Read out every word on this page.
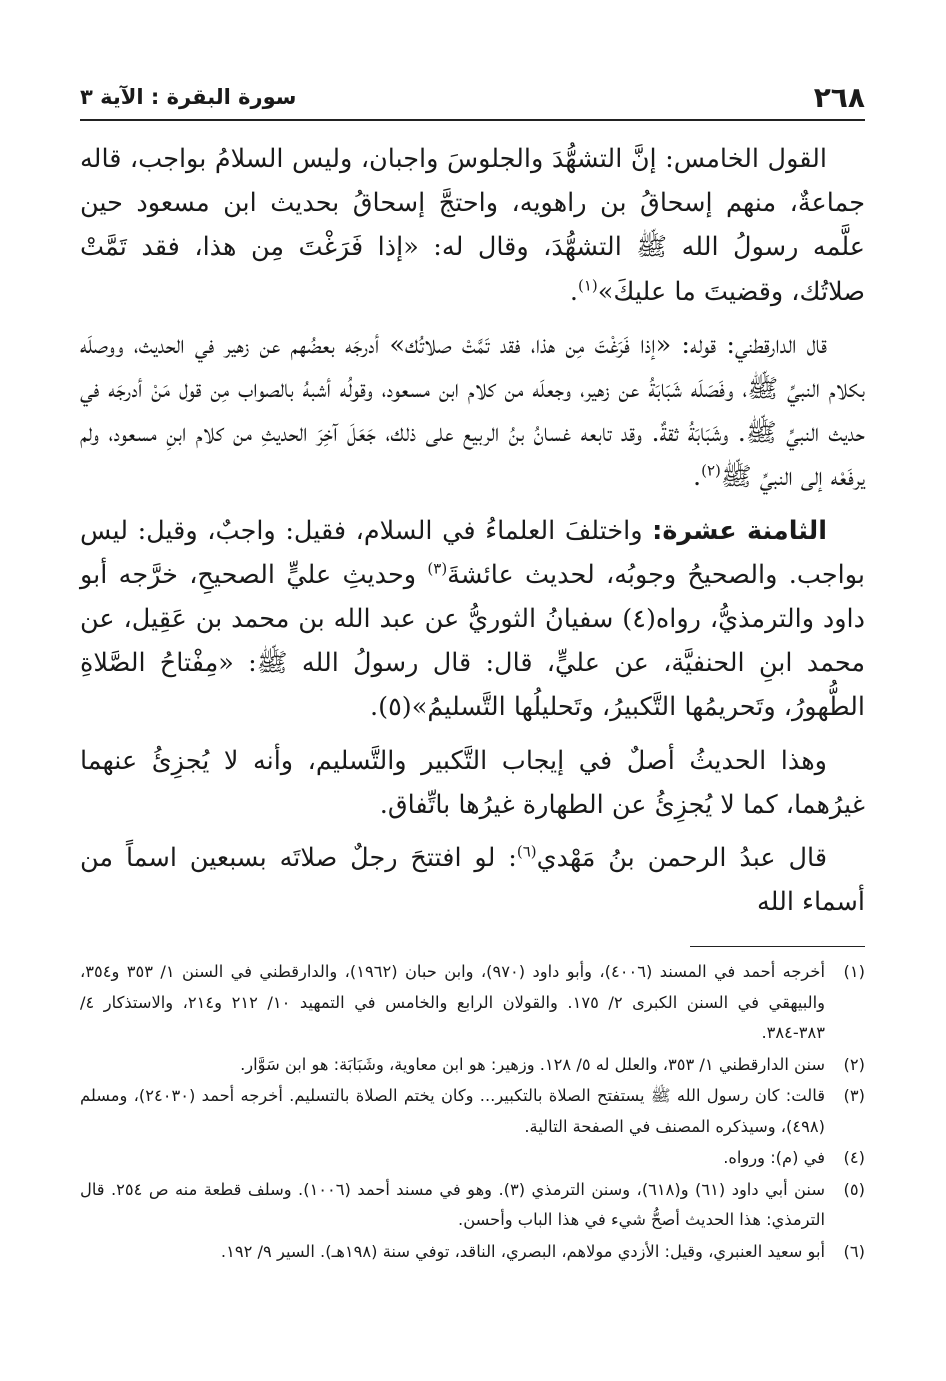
٢٦٨
سورة البقرة : الآية ٣

القول الخامس: إنَّ التشهُّدَ والجلوسَ واجبان، وليس السلامُ بواجب، قاله جماعةٌ، منهم إسحاقُ بن راهويه، واحتجَّ إسحاقُ بحديث ابن مسعود حين علَّمه رسولُ الله ﷺ التشهُّدَ، وقال له: «إذا فَرَغْتَ مِن هذا، فقد تَمَّتْ صلاتُك، وقضيتَ ما عليكَ»$^{(١)}$.

قال الدارقطني: قوله: «إذا فَرَغْتَ مِن هذا، فقد تَمَّتْ صلاتُك» أدرجَه بعضُهم عن زهير في الحديث، ووصلَه بكلام النبيِّ ﷺ، وفَصَلَه شَبَابَةُ عن زهير، وجعلَه من كلام ابن مسعود، وقولُه أشبهُ بالصواب مِن قول مَنْ أدرجَه في حديث النبيِّ ﷺ. وشَبَابَةُ ثقةٌ. وقد تابعه غسانُ بنُ الربيع على ذلك، جَعَلَ آخِرَ الحديثِ من كلام ابنِ مسعود، ولم يرفَعْه إلى النبيِّ ﷺ$^{(٢)}$.

الثامنة عشرة: واختلفَ العلماءُ في السلام، فقيل: واجبٌ، وقيل: ليس بواجب. والصحيحُ وجوبُه، لحديث عائشةَ$^{(٣)}$ وحديثِ عليٍّ الصحيحِ، خرَّجه أبو داود والترمذيُّ، رواه(٤) سفيانُ الثوريُّ عن عبد الله بن محمد بن عَقِيل، عن محمد ابنِ الحنفيَّة، عن عليٍّ، قال: قال رسولُ الله ﷺ: «مِفْتاحُ الصَّلاةِ الطُّهورُ، وتَحريمُها التَّكبيرُ، وتَحليلُها التَّسليمُ»(٥).

وهذا الحديثُ أصلٌ في إيجاب التَّكبير والتَّسليم، وأنه لا يُجزِئُ عنهما غيرُهما، كما لا يُجزِئُ عن الطهارة غيرُها باتِّفاق.

قال عبدُ الرحمن بنُ مَهْدي$^{(٦)}$: لو افتتحَ رجلٌ صلاتَه بسبعين اسماً من أسماء الله

(١)
أخرجه أحمد في المسند (٤٠٠٦)، وأبو داود (٩٧٠)، وابن حبان (١٩٦٢)، والدارقطني في السنن ١/ ٣٥٣ و٣٥٤، والبيهقي في السنن الكبرى ٢/ ١٧٥. والقولان الرابع والخامس في التمهيد ١٠/ ٢١٢ و٢١٤، والاستذكار ٤/ ٣٨٣-٣٨٤.
(٢)
سنن الدارقطني ١/ ٣٥٣، والعلل له ٥/ ١٢٨. وزهير: هو ابن معاوية، وشَبَابَة: هو ابن سَوَّار.
(٣)
قالت: كان رسول الله ﷺ يستفتح الصلاة بالتكبير... وكان يختم الصلاة بالتسليم. أخرجه أحمد (٢٤٠٣٠)، ومسلم (٤٩٨)، وسيذكره المصنف في الصفحة التالية.
(٤)
في (م): ورواه.
(٥)
سنن أبي داود (٦١) و(٦١٨)، وسنن الترمذي (٣). وهو في مسند أحمد (١٠٠٦). وسلف قطعة منه ص ٢٥٤. قال الترمذي: هذا الحديث أصحُّ شيء في هذا الباب وأحسن.
(٦)
أبو سعيد العنبري، وقيل: الأزدي مولاهم، البصري، الناقد، توفي سنة (١٩٨هـ). السير ٩/ ١٩٢.
